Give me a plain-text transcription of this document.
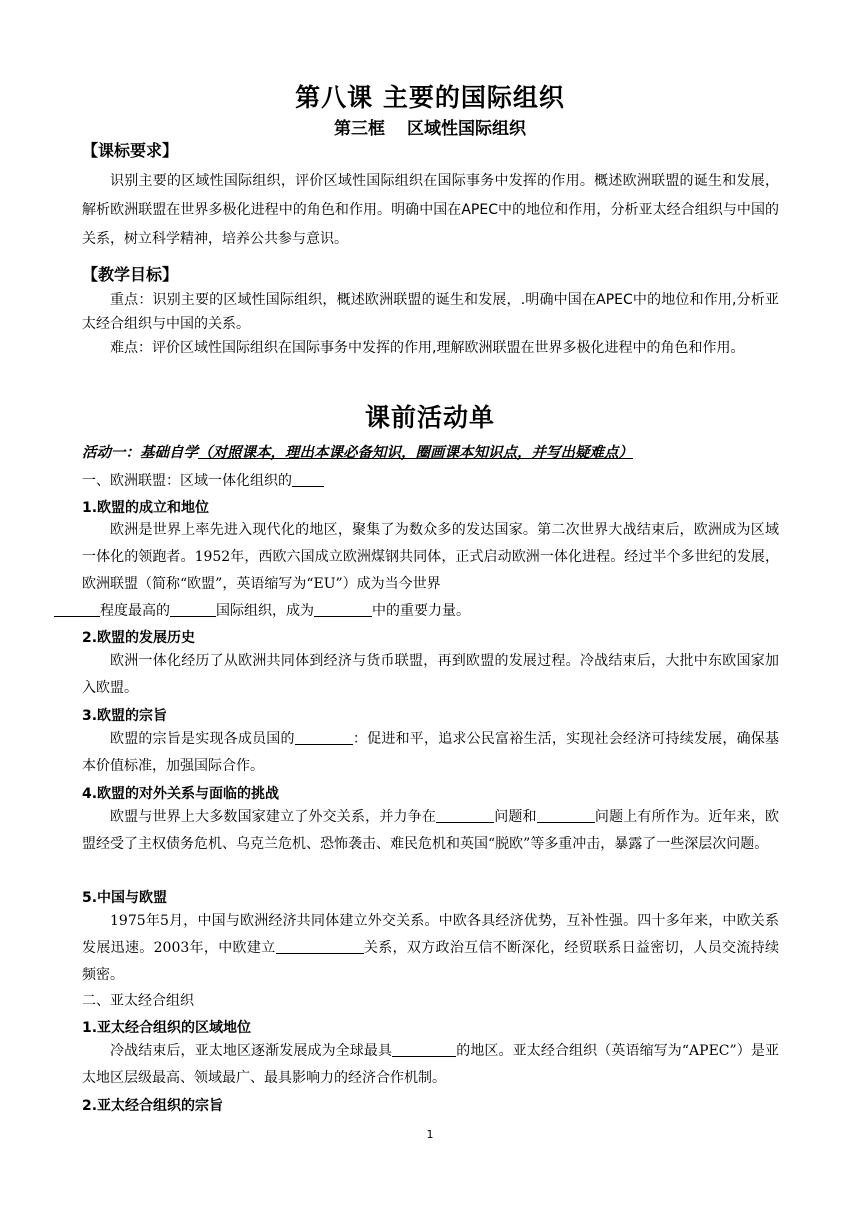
第八课 主要的国际组织
第三框 区域性国际组织
【课标要求】
识别主要的区域性国际组织，评价区域性国际组织在国际事务中发挥的作用。概述欧洲联盟的诞生和发展，解析欧洲联盟在世界多极化进程中的角色和作用。明确中国在APEC中的地位和作用，分析亚太经合组织与中国的关系，树立科学精神，培养公共参与意识。
【教学目标】
重点：识别主要的区域性国际组织，概述欧洲联盟的诞生和发展，.明确中国在APEC中的地位和作用,分析亚太经合组织与中国的关系。
难点：评价区域性国际组织在国际事务中发挥的作用,理解欧洲联盟在世界多极化进程中的角色和作用。
课前活动单
活动一：基础自学（对照课本，理出本课必备知识，圈画课本知识点，并写出疑难点）
一、欧洲联盟：区域一体化组织的
1.欧盟的成立和地位
欧洲是世界上率先进入现代化的地区，聚集了为数众多的发达国家。第二次世界大战结束后，欧洲成为区域一体化的领跑者。1952年，西欧六国成立欧洲煤钢共同体，正式启动欧洲一体化进程。经过半个多世纪的发展，欧洲联盟（简称“欧盟”，英语缩写为“EU”）成为当今世界
程度最高的	国际组织，成为	中的重要力量。
2.欧盟的发展历史
欧洲一体化经历了从欧洲共同体到经济与货币联盟，再到欧盟的发展过程。冷战结束后，大批中东欧国家加入欧盟。
3.欧盟的宗旨
欧盟的宗旨是实现各成员国的	：促进和平，追求公民富裕生活，实现社会经济可持续发展，确保基本价值标准，加强国际合作。
4.欧盟的对外关系与面临的挑战
欧盟与世界上大多数国家建立了外交关系，并力争在	问题和	问题上有所作为。近年来，欧盟经受了主权债务危机、乌克兰危机、恐怖袭击、难民危机和英国“脱欧”等多重冲击，暴露了一些深层次问题。
5.中国与欧盟
1975年5月，中国与欧洲经济共同体建立外交关系。中欧各具经济优势，互补性强。四十多年来，中欧关系发展迅速。2003年，中欧建立	关系，双方政治互信不断深化，经贸联系日益密切，人员交流持续频密。
二、亚太经合组织
1.亚太经合组织的区域地位
冷战结束后，亚太地区逐渐发展成为全球最具	的地区。亚太经合组织（英语缩写为“APEC”）是亚太地区层级最高、领域最广、最具影响力的经济合作机制。
2.亚太经合组织的宗旨
1
